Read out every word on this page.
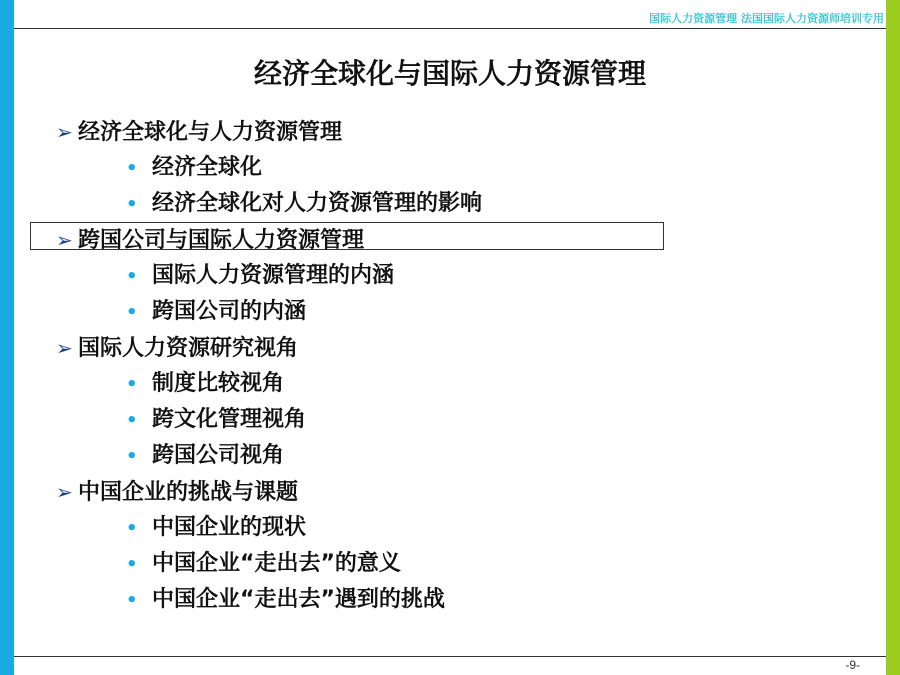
国际人力资源管理 法国国际人力资源师培训专用
经济全球化与国际人力资源管理
➢ 经济全球化与人力资源管理
• 经济全球化
• 经济全球化对人力资源管理的影响
➢ 跨国公司与国际人力资源管理
• 国际人力资源管理的内涵
• 跨国公司的内涵
➢ 国际人力资源研究视角
• 制度比较视角
• 跨文化管理视角
• 跨国公司视角
➢ 中国企业的挑战与课题
• 中国企业的现状
• 中国企业“走出去”的意义
• 中国企业“走出去”遇到的挑战
-9-
